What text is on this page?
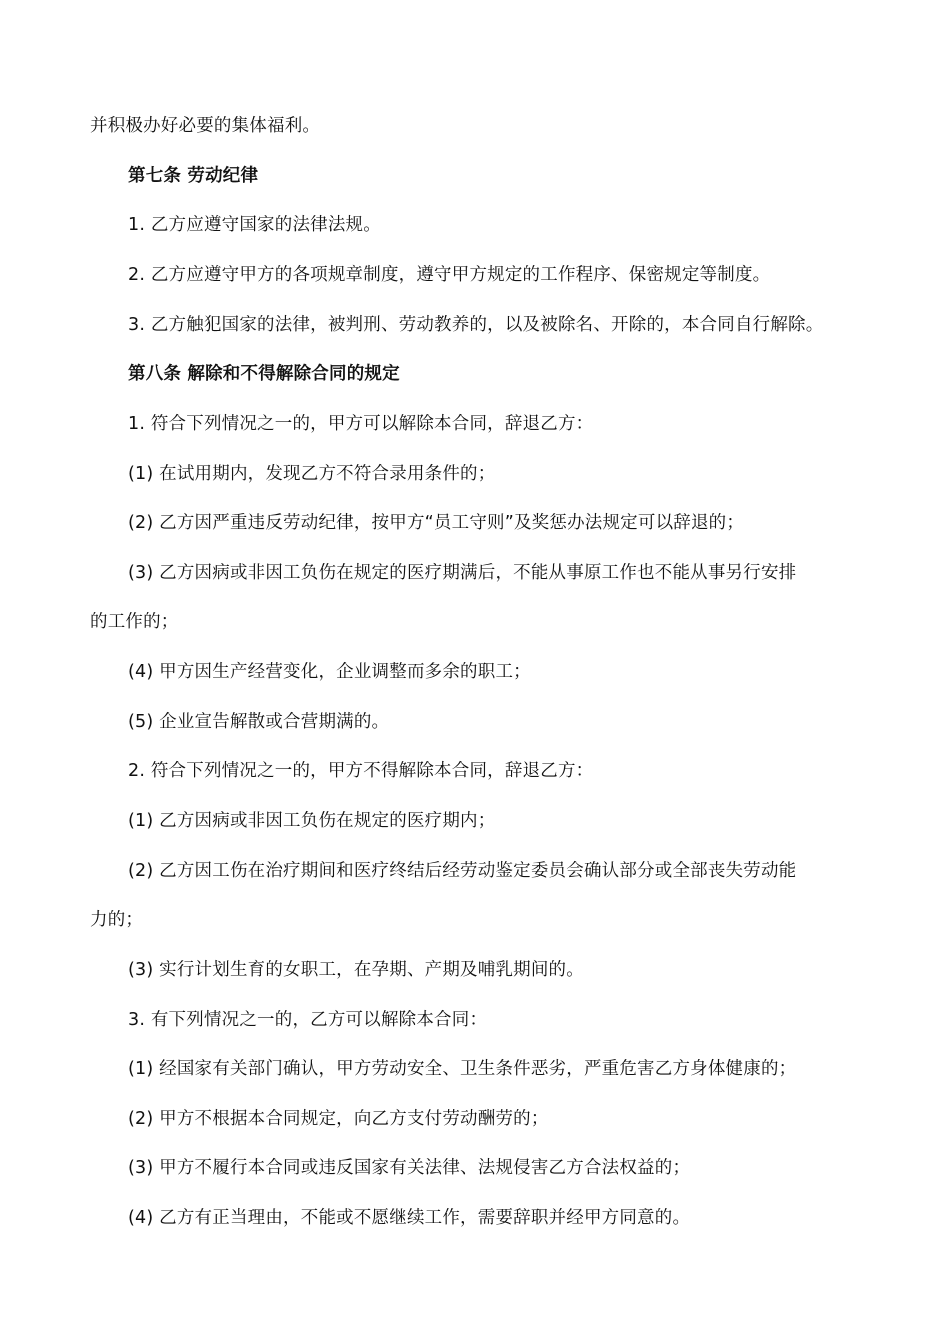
并积极办好必要的集体福利。
第七条 劳动纪律
1. 乙方应遵守国家的法律法规。
2. 乙方应遵守甲方的各项规章制度，遵守甲方规定的工作程序、保密规定等制度。
3. 乙方触犯国家的法律，被判刑、劳动教养的，以及被除名、开除的，本合同自行解除。
第八条 解除和不得解除合同的规定
1. 符合下列情况之一的，甲方可以解除本合同，辞退乙方：
(1) 在试用期内，发现乙方不符合录用条件的；
(2) 乙方因严重违反劳动纪律，按甲方“员工守则”及奖惩办法规定可以辞退的；
(3) 乙方因病或非因工负伤在规定的医疗期满后，不能从事原工作也不能从事另行安排
的工作的；
(4) 甲方因生产经营变化，企业调整而多余的职工；
(5) 企业宣告解散或合营期满的。
2. 符合下列情况之一的，甲方不得解除本合同，辞退乙方：
(1) 乙方因病或非因工负伤在规定的医疗期内；
(2) 乙方因工伤在治疗期间和医疗终结后经劳动鉴定委员会确认部分或全部丧失劳动能
力的；
(3) 实行计划生育的女职工，在孕期、产期及哺乳期间的。
3. 有下列情况之一的，乙方可以解除本合同：
(1) 经国家有关部门确认，甲方劳动安全、卫生条件恶劣，严重危害乙方身体健康的；
(2) 甲方不根据本合同规定，向乙方支付劳动酬劳的；
(3) 甲方不履行本合同或违反国家有关法律、法规侵害乙方合法权益的；
(4) 乙方有正当理由，不能或不愿继续工作，需要辞职并经甲方同意的。
